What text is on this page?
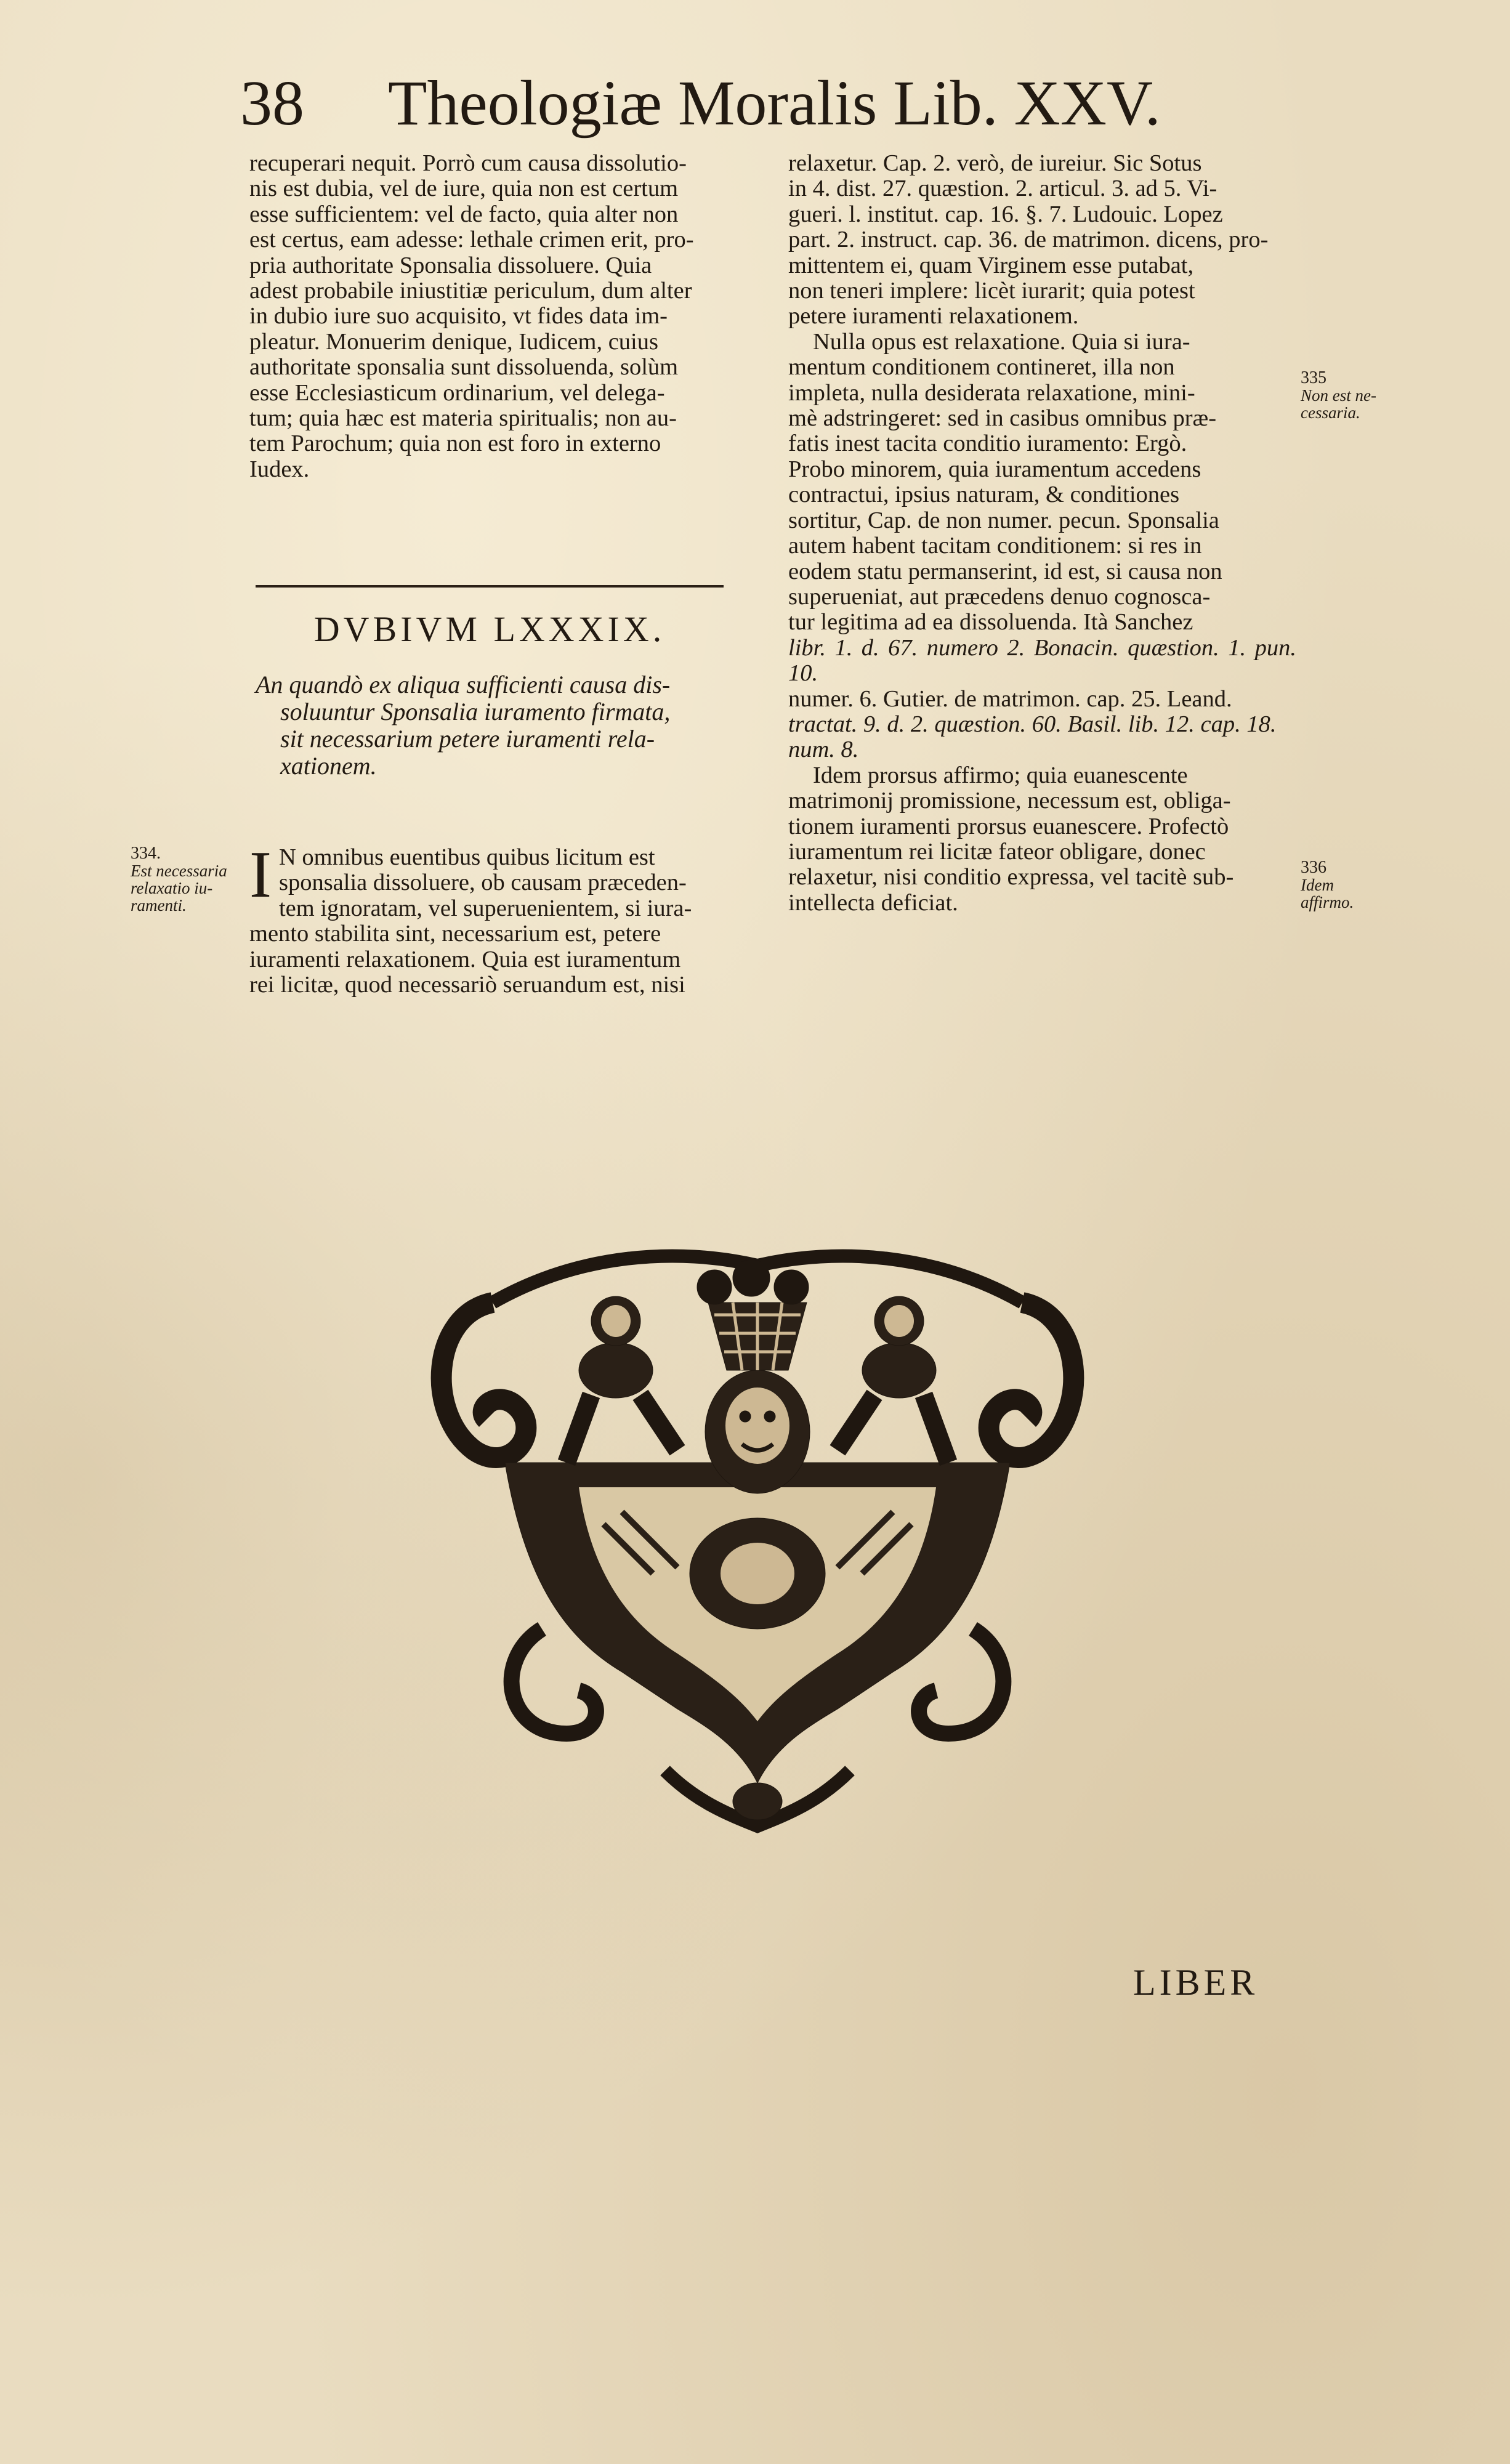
38 Theologiæ Moralis Lib. XXV.

recuperari nequit. Porrò cum causa dissolutio-

nis est dubia, vel de iure, quia non est certum

esse sufficientem: vel de facto, quia alter non

est certus, eam adesse: lethale crimen erit, pro-

pria authoritate Sponsalia dissoluere. Quia

adest probabile iniustitiæ periculum, dum alter

in dubio iure suo acquisito, vt fides data im-

pleatur. Monuerim denique, Iudicem, cuius

authoritate sponsalia sunt dissoluenda, solùm

esse Ecclesiasticum ordinarium, vel delega-

tum; quia hæc est materia spiritualis; non au-

tem Parochum; quia non est foro in externo

Iudex.

DVBIVM LXXXIX.
An quandò ex aliqua sufficienti causa dis-
soluuntur Sponsalia iuramento firmata,
sit necessarium petere iuramenti rela-
xationem.
334.
Est necessaria
relaxatio iu-
ramenti. I N omnibus euentibus quibus licitum est

sponsalia dissoluere, ob causam præceden-

tem ignoratam, vel superuenientem, si iura-

mento stabilita sint, necessarium est, petere

iuramenti relaxationem. Quia est iuramentum

rei licitæ, quod necessariò seruandum est, nisi

relaxetur. Cap. 2. verò, de iureiur. Sic Sotus

in 4. dist. 27. quæstion. 2. articul. 3. ad 5. Vi-

gueri. l. institut. cap. 16. §. 7. Ludouic. Lopez

part. 2. instruct. cap. 36. de matrimon. dicens, pro-

mittentem ei, quam Virginem esse putabat,

non teneri implere: licèt iurarit; quia potest

petere iuramenti relaxationem.

Nulla opus est relaxatione. Quia si iura-

mentum conditionem contineret, illa non

impleta, nulla desiderata relaxatione, mini-

mè adstringeret: sed in casibus omnibus præ-

fatis inest tacita conditio iuramento: Ergò.

Probo minorem, quia iuramentum accedens

contractui, ipsius naturam, & conditiones

sortitur, Cap. de non numer. pecun. Sponsalia

autem habent tacitam conditionem: si res in

eodem statu permanserint, id est, si causa non

superueniat, aut præcedens denuo cognosca-

tur legitima ad ea dissoluenda. Ità Sanchez

libr. 1. d. 67. numero 2. Bonacin. quæstion. 1. pun. 10.

numer. 6. Gutier. de matrimon. cap. 25. Leand.

tractat. 9. d. 2. quæstion. 60. Basil. lib. 12. cap. 18.

num. 8.

Idem prorsus affirmo; quia euanescente

matrimonij promissione, necessum est, obliga-

tionem iuramenti prorsus euanescere. Profectò

iuramentum rei licitæ fateor obligare, donec

relaxetur, nisi conditio expressa, vel tacitè sub-

intellecta deficiat.

335
Non est ne-
cessaria.
336
Idem affirmo.
LIBER
